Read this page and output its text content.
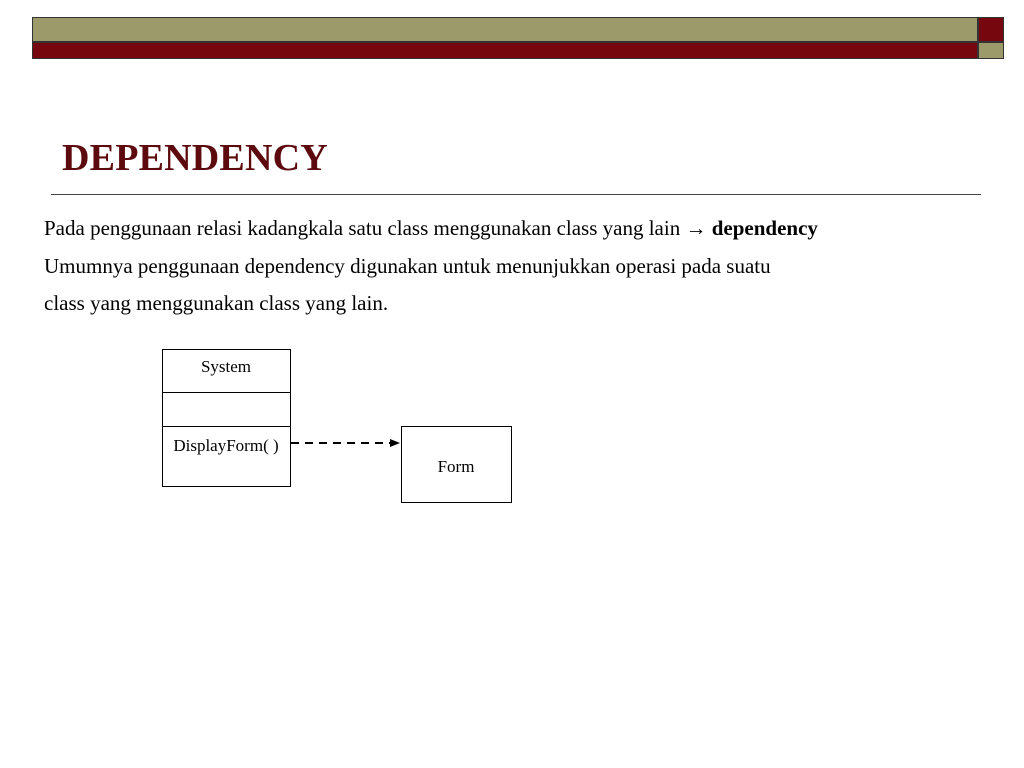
DEPENDENCY

Pada penggunaan relasi kadangkala satu class menggunakan class yang lain → dependency

Umumnya penggunaan dependency digunakan untuk menunjukkan operasi pada suatu

class yang menggunakan class yang lain.

System
DisplayForm( )
Form
